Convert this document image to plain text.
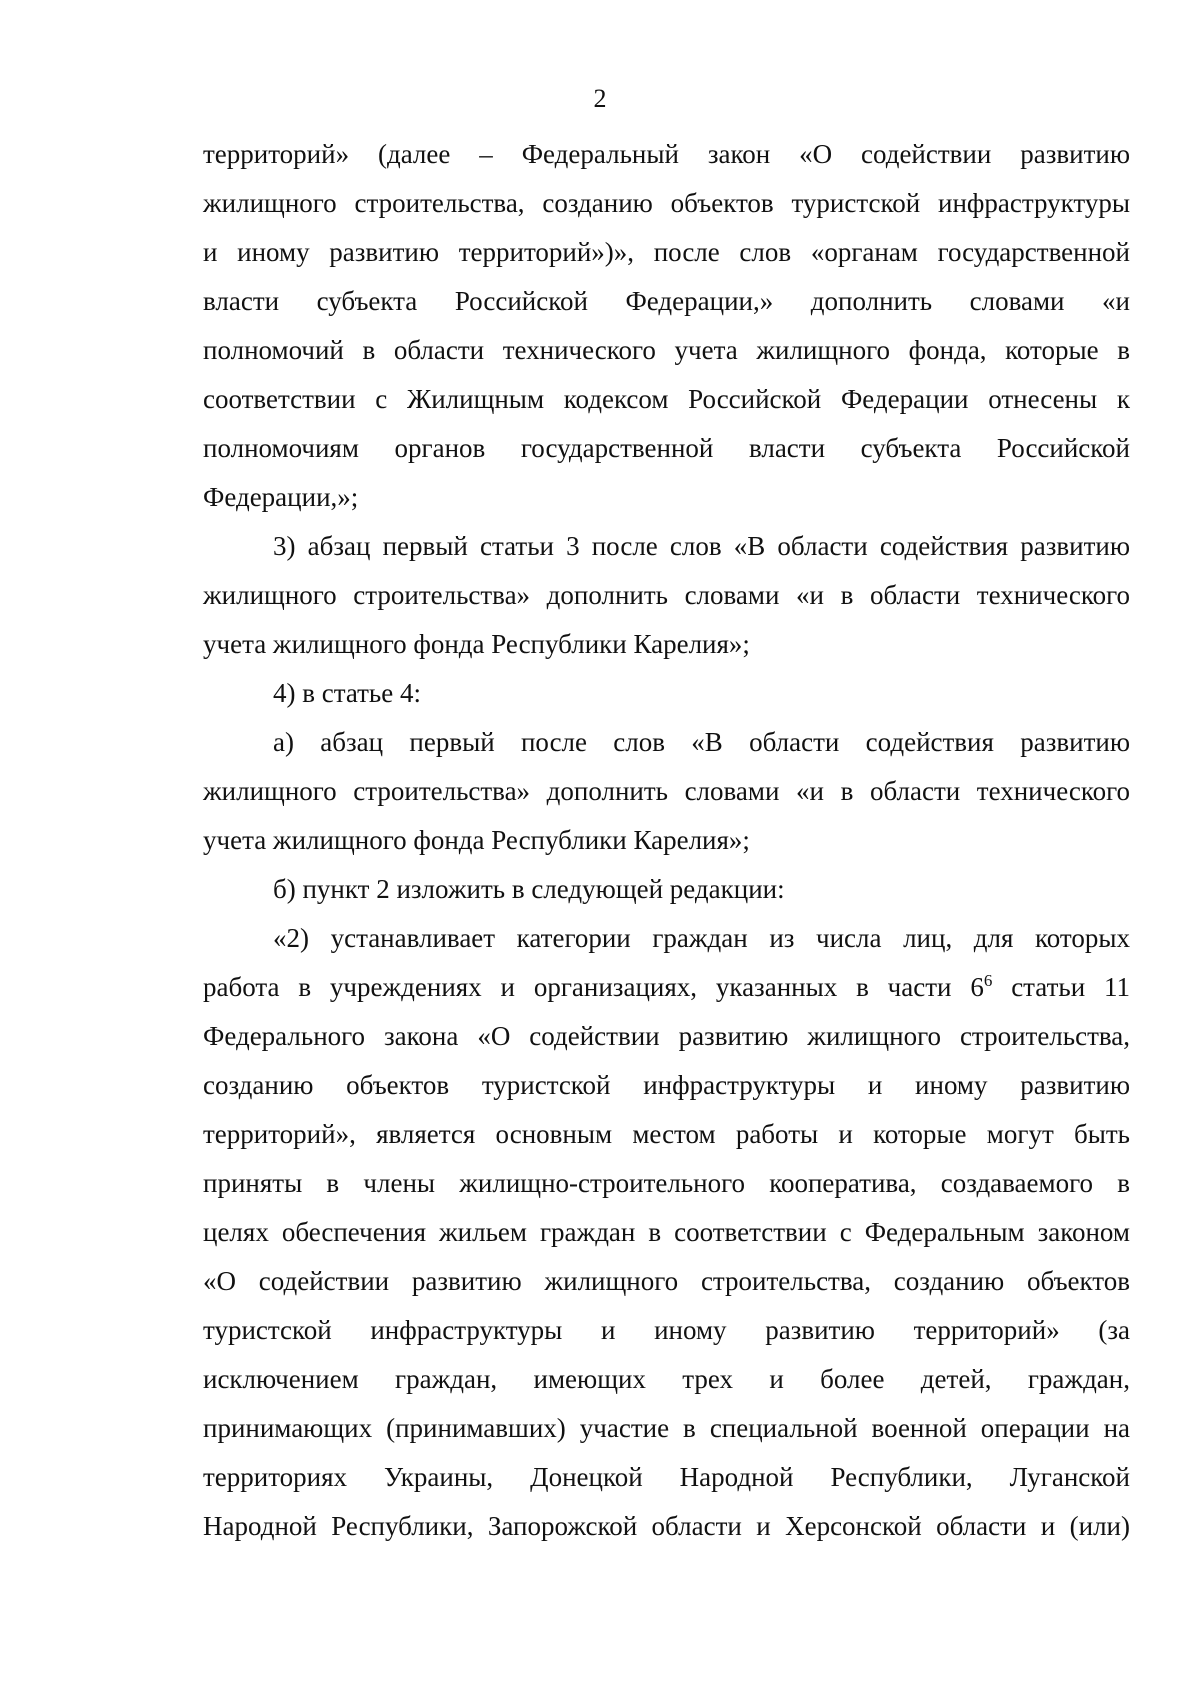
2
территорий» (далее – Федеральный закон «О содействии развитию
жилищного строительства, созданию объектов туристской инфраструктуры
и иному развитию территорий»)», после слов «органам государственной
власти субъекта Российской Федерации,» дополнить словами «и
полномочий в области технического учета жилищного фонда, которые в
соответствии с Жилищным кодексом Российской Федерации отнесены к
полномочиям органов государственной власти субъекта Российской
Федерации,»;
3) абзац первый статьи 3 после слов «В области содействия развитию
жилищного строительства» дополнить словами «и в области технического
учета жилищного фонда Республики Карелия»;
4) в статье 4:
а) абзац первый после слов «В области содействия развитию
жилищного строительства» дополнить словами «и в области технического
учета жилищного фонда Республики Карелия»;
б) пункт 2 изложить в следующей редакции:
«2) устанавливает категории граждан из числа лиц, для которых
работа в учреждениях и организациях, указанных в части $6^6$ статьи 11
Федерального закона «О содействии развитию жилищного строительства,
созданию объектов туристской инфраструктуры и иному развитию
территорий», является основным местом работы и которые могут быть
приняты в члены жилищно-строительного кооператива, создаваемого в
целях обеспечения жильем граждан в соответствии с Федеральным законом
«О содействии развитию жилищного строительства, созданию объектов
туристской инфраструктуры и иному развитию территорий» (за
исключением граждан, имеющих трех и более детей, граждан,
принимающих (принимавших) участие в специальной военной операции на
территориях Украины, Донецкой Народной Республики, Луганской
Народной Республики, Запорожской области и Херсонской области и (или)
